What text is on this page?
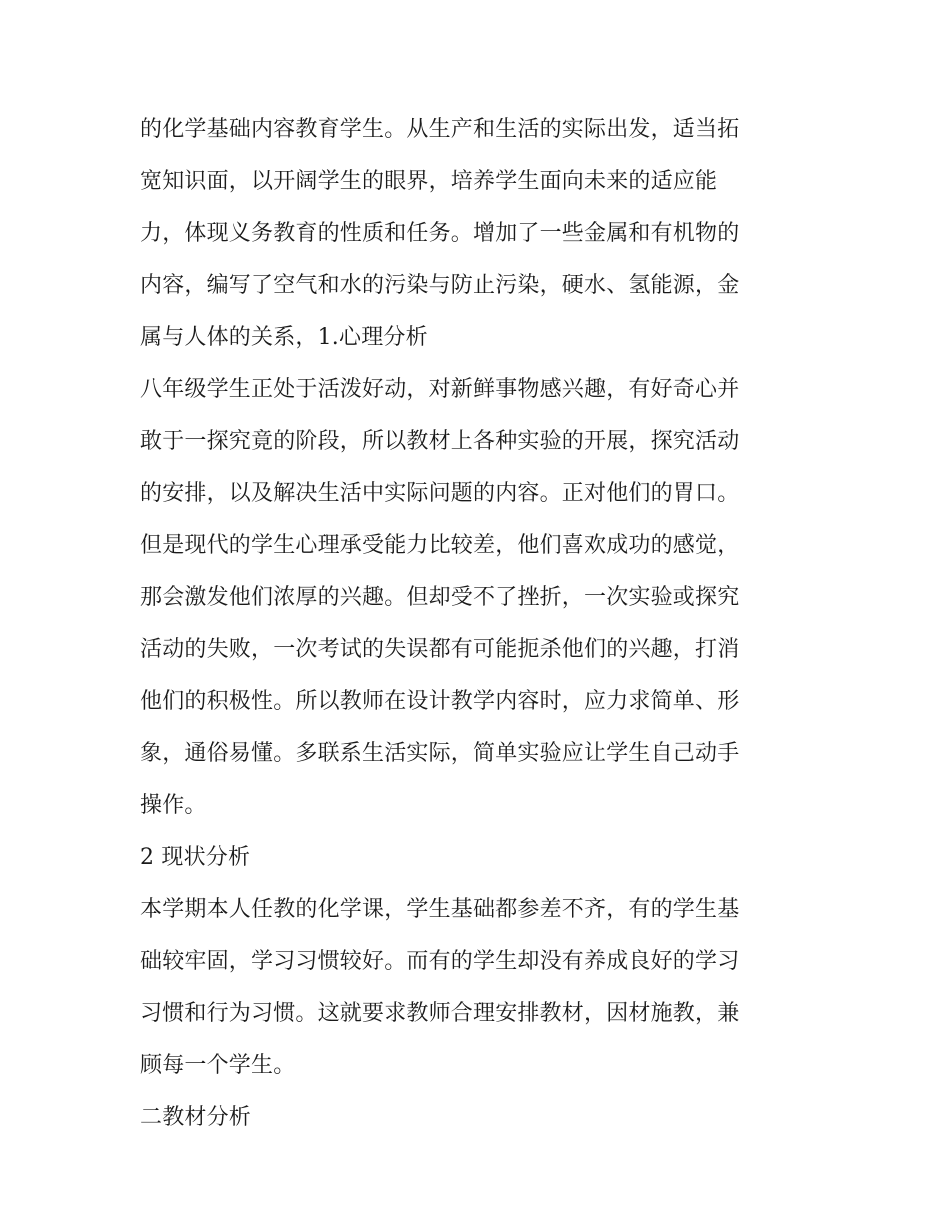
的化学基础内容教育学生。从生产和生活的实际出发，适当拓
宽知识面，以开阔学生的眼界，培养学生面向未来的适应能
力，体现义务教育的性质和任务。增加了一些金属和有机物的
内容，编写了空气和水的污染与防止污染，硬水、氢能源，金
属与人体的关系，1.心理分析
八年级学生正处于活泼好动，对新鲜事物感兴趣，有好奇心并
敢于一探究竟的阶段，所以教材上各种实验的开展，探究活动
的安排，以及解决生活中实际问题的内容。正对他们的胃口。
但是现代的学生心理承受能力比较差，他们喜欢成功的感觉，
那会激发他们浓厚的兴趣。但却受不了挫折，一次实验或探究
活动的失败，一次考试的失误都有可能扼杀他们的兴趣，打消
他们的积极性。所以教师在设计教学内容时，应力求简单、形
象，通俗易懂。多联系生活实际，简单实验应让学生自己动手
操作。
2 现状分析
本学期本人任教的化学课，学生基础都参差不齐，有的学生基
础较牢固，学习习惯较好。而有的学生却没有养成良好的学习
习惯和行为习惯。这就要求教师合理安排教材，因材施教，兼
顾每一个学生。
二教材分析
